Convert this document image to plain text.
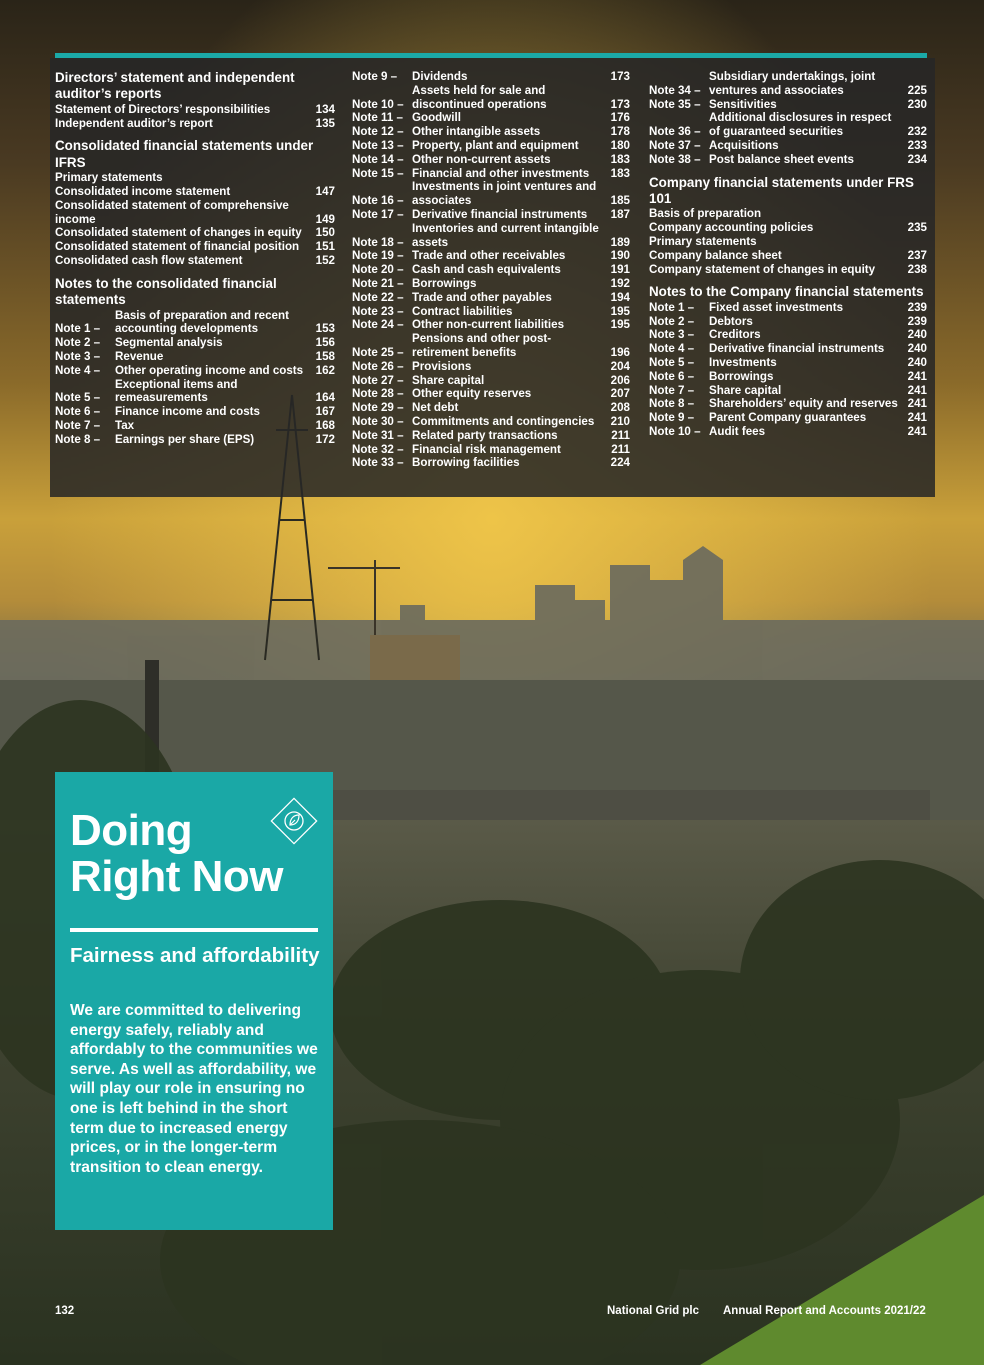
Directors’ statement and independent auditor’s reports
Statement of Directors’ responsibilities	134
Independent auditor’s report	135
Consolidated financial statements under IFRS
Primary statements
Consolidated income statement	147
Consolidated statement of comprehensive income	149
Consolidated statement of changes in equity	150
Consolidated statement of financial position	151
Consolidated cash flow statement	152
Notes to the consolidated financial statements
Note 1 –
Basis of preparation and recent accounting developments	153
Note 2 –	Segmental analysis	156
Note 3 –	Revenue	158
Note 4 –	Other operating income and costs	162
Note 5 –
Exceptional items and remeasurements	164
Note 6 –	Finance income and costs	167
Note 7 –	Tax	168
Note 8 –	Earnings per share (EPS)	172
Note 9 –	Dividends	173
Note 10 –
Assets held for sale and discontinued operations	173
Note 11 – Goodwill	176
Note 12 – Other intangible assets	178
Note 13 – Property, plant and equipment	180
Note 14 – Other non-current assets	183
Note 15 – Financial and other investments	183
Note 16 –
Investments in joint ventures and associates	185
Note 17 – Derivative financial instruments	187
Note 18 –
Inventories and current intangible assets	189
Note 19 – Trade and other receivables	190
Note 20 – Cash and cash equivalents	191
Note 21 – Borrowings	192
Note 22 – Trade and other payables	194
Note 23 – Contract liabilities	195
Note 24 – Other non-current liabilities	195
Note 25 –
Pensions and other post-retirement benefits	196
Note 26 – Provisions	204
Note 27 – Share capital	206
Note 28 – Other equity reserves	207
Note 29 – Net debt	208
Note 30 – Commitments and contingencies	210
Note 31 – Related party transactions	211
Note 32 – Financial risk management	211
Note 33 – Borrowing facilities	224
Note 34 –
Subsidiary undertakings, joint ventures and associates	225
Note 35 – Sensitivities	230
Note 36 –
Additional disclosures in respect of guaranteed securities	232
Note 37 – Acquisitions	233
Note 38 – Post balance sheet events	234
Company financial statements under FRS 101
Basis of preparation
Company accounting policies	235
Primary statements
Company balance sheet	237
Company statement of changes in equity	238
Notes to the Company financial statements
Note 1 –	Fixed asset investments	239
Note 2 –	Debtors	239
Note 3 –	Creditors	240
Note 4 –	Derivative financial instruments	240
Note 5 –	Investments	240
Note 6 –	Borrowings	241
Note 7 –	Share capital	241
Note 8 –	Shareholders’ equity and reserves 241
Note 9 –	Parent Company guarantees	241
Note 10 – Audit fees	241
Doing
Right Now
Fairness and affordability
We are committed to delivering energy safely, reliably and affordably to the communities we serve. As well as affordability, we will play our role in ensuring no one is left behind in the short term due to increased energy prices, or in the longer-term transition to clean energy.
132	National Grid plc Annual Report and Accounts 2021/22
